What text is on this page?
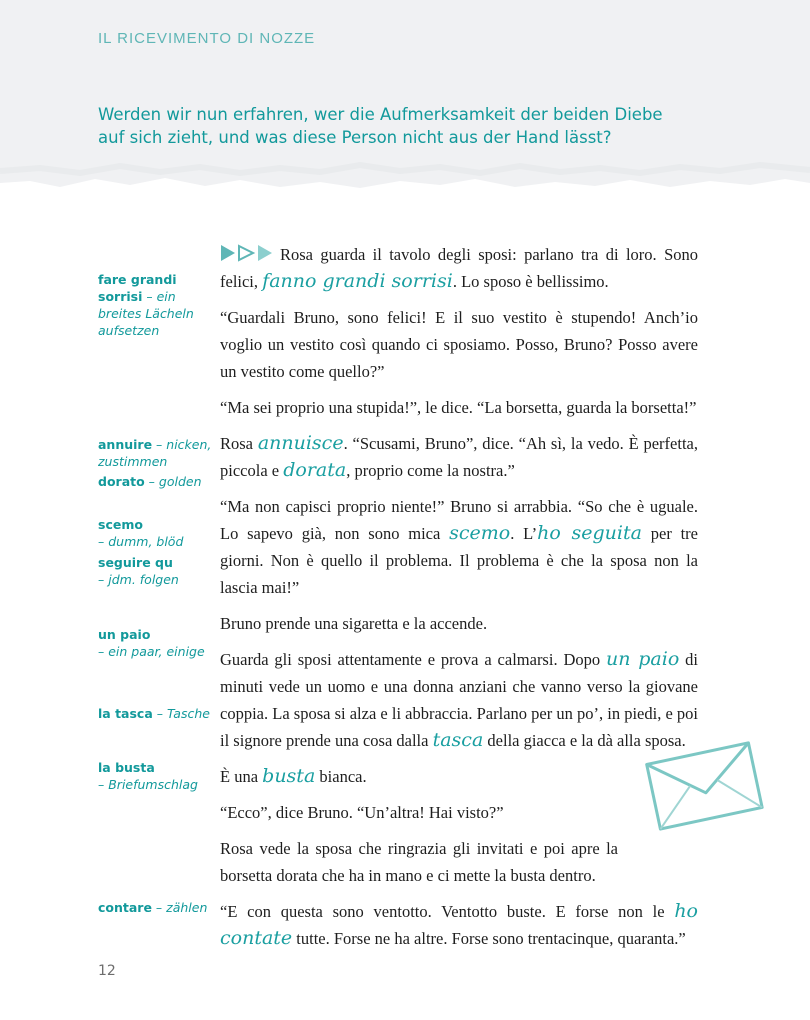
IL RICEVIMENTO DI NOZZE
Werden wir nun erfahren, wer die Aufmerksamkeit der beiden Diebe
auf sich zieht, und was diese Person nicht aus der Hand lässt?
fare grandi sorrisi – ein breites Lächeln aufsetzen
annuire – nicken, zustimmen
dorato – golden
scemo
– dumm, blöd
seguire qu
– jdm. folgen
un paio
– ein paar, einige
la tasca – Tasche
la busta
– Briefumschlag
contare – zählen

Rosa guarda il tavolo degli sposi: parlano tra di loro. Sono felici, fanno grandi sorrisi. Lo sposo è bellissimo.

“Guardali Bruno, sono felici! E il suo vestito è stupendo! Anch’io voglio un vestito così quando ci sposiamo. Posso, Bruno? Posso avere un vestito come quello?”

“Ma sei proprio una stupida!”, le dice. “La borsetta, guarda la borsetta!”

Rosa annuisce. “Scusami, Bruno”, dice. “Ah sì, la vedo. È perfetta, piccola e dorata, proprio come la nostra.”

“Ma non capisci proprio niente!” Bruno si arrabbia. “So che è uguale. Lo sapevo già, non sono mica scemo. L’ho seguita per tre giorni. Non è quello il problema. Il problema è che la sposa non la lascia mai!”

Bruno prende una sigaretta e la accende.

Guarda gli sposi attentamente e prova a calmarsi. Dopo un paio di minuti vede un uomo e una donna anziani che vanno verso la giovane coppia. La sposa si alza e li abbraccia. Parlano per un po’, in piedi, e poi il signore prende una cosa dalla tasca della giacca e la dà alla sposa.

È una busta bianca.

“Ecco”, dice Bruno. “Un’altra! Hai visto?”

Rosa vede la sposa che ringrazia gli invitati e poi apre la borsetta dorata che ha in mano e ci mette la busta dentro.

“E con questa sono ventotto. Ventotto buste. E forse non le ho contate tutte. Forse ne ha altre. Forse sono trentacinque, quaranta.”

12
